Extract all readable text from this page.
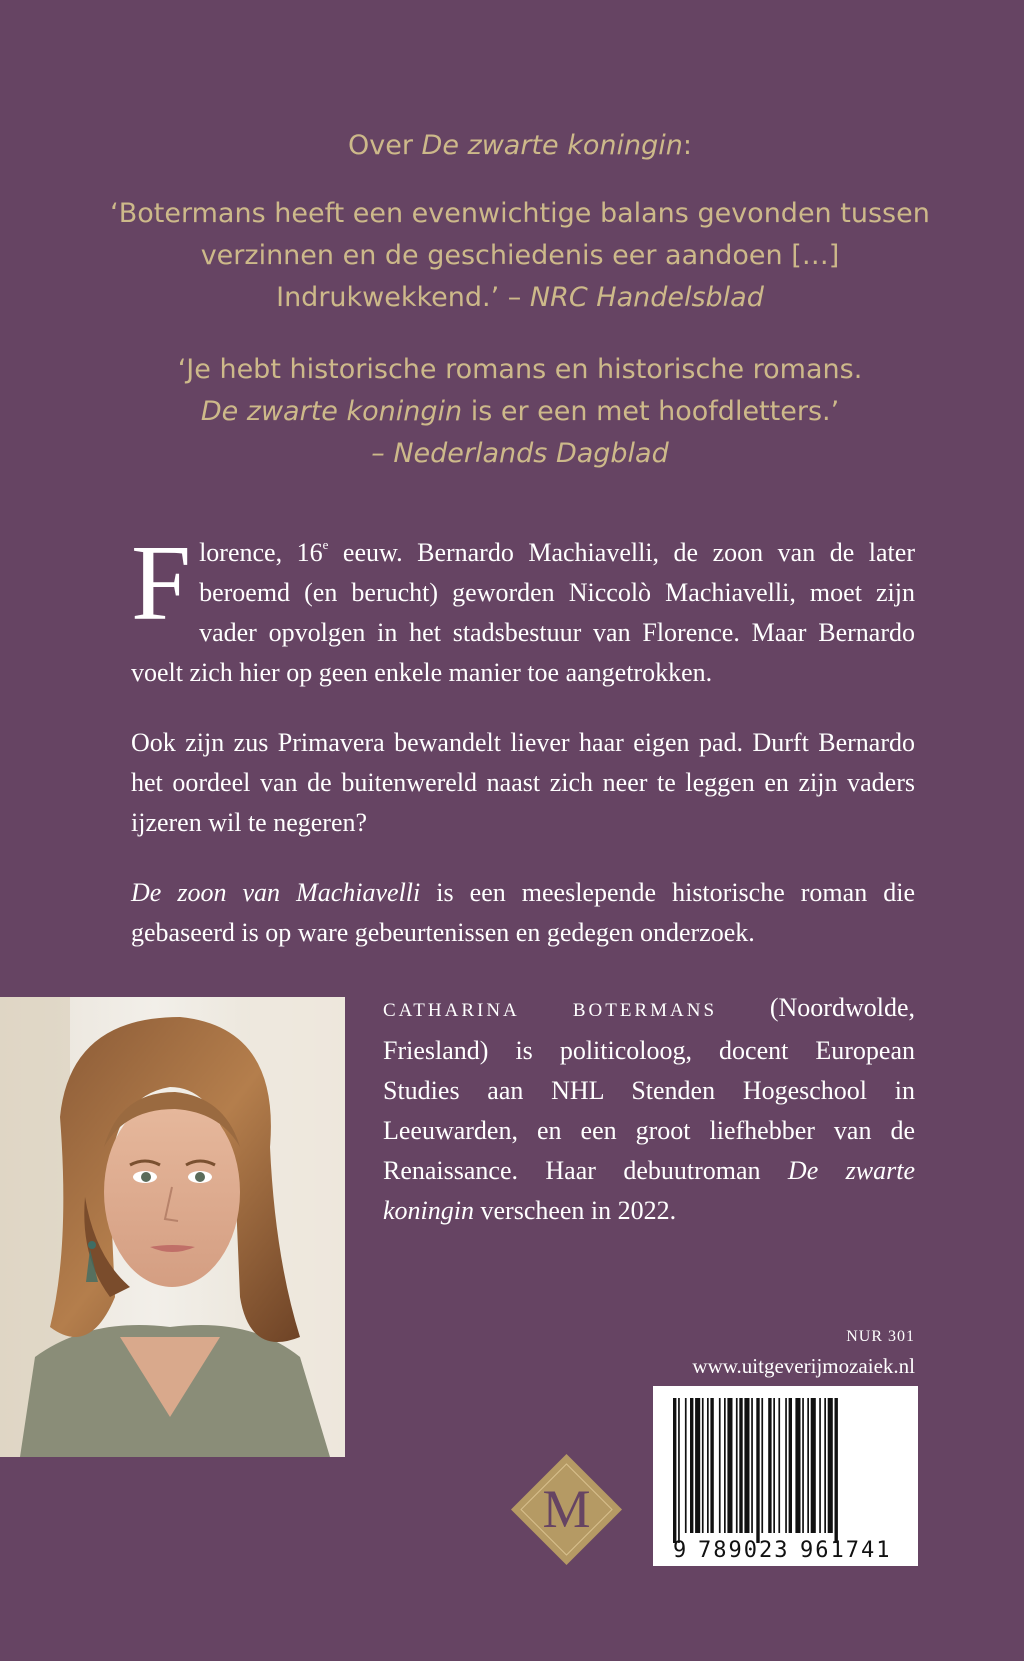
Over De zwarte koningin:

‘Botermans heeft een evenwichtige balans gevonden tussen verzinnen en de geschiedenis eer aandoen […] Indrukwekkend.’ – NRC Handelsblad

‘Je hebt historische romans en historische romans.
De zwarte koningin is er een met hoofdletters.’
– Nederlands Dagblad

Florence, 16e eeuw. Bernardo Machiavelli, de zoon van de later beroemd (en berucht) geworden Niccolò Machiavelli, moet zijn vader opvolgen in het stadsbestuur van Florence. Maar Bernardo voelt zich hier op geen enkele manier toe aangetrokken.

Ook zijn zus Primavera bewandelt liever haar eigen pad. Durft Bernardo het oordeel van de buitenwereld naast zich neer te leggen en zijn vaders ijzeren wil te negeren?

De zoon van Machiavelli is een meeslepende historische roman die gebaseerd is op ware gebeurtenissen en gedegen onderzoek.

CATHARINA BOTERMANS (Noordwolde, Friesland) is politicoloog, docent European Studies aan NHL Stenden Hogeschool in Leeuwarden, en een groot liefhebber van de Renaissance. Haar debuutroman De zwarte koningin verscheen in 2022.
NUR 301
www.uitgeverijmozaiek.nl
9 789023 961741
M
